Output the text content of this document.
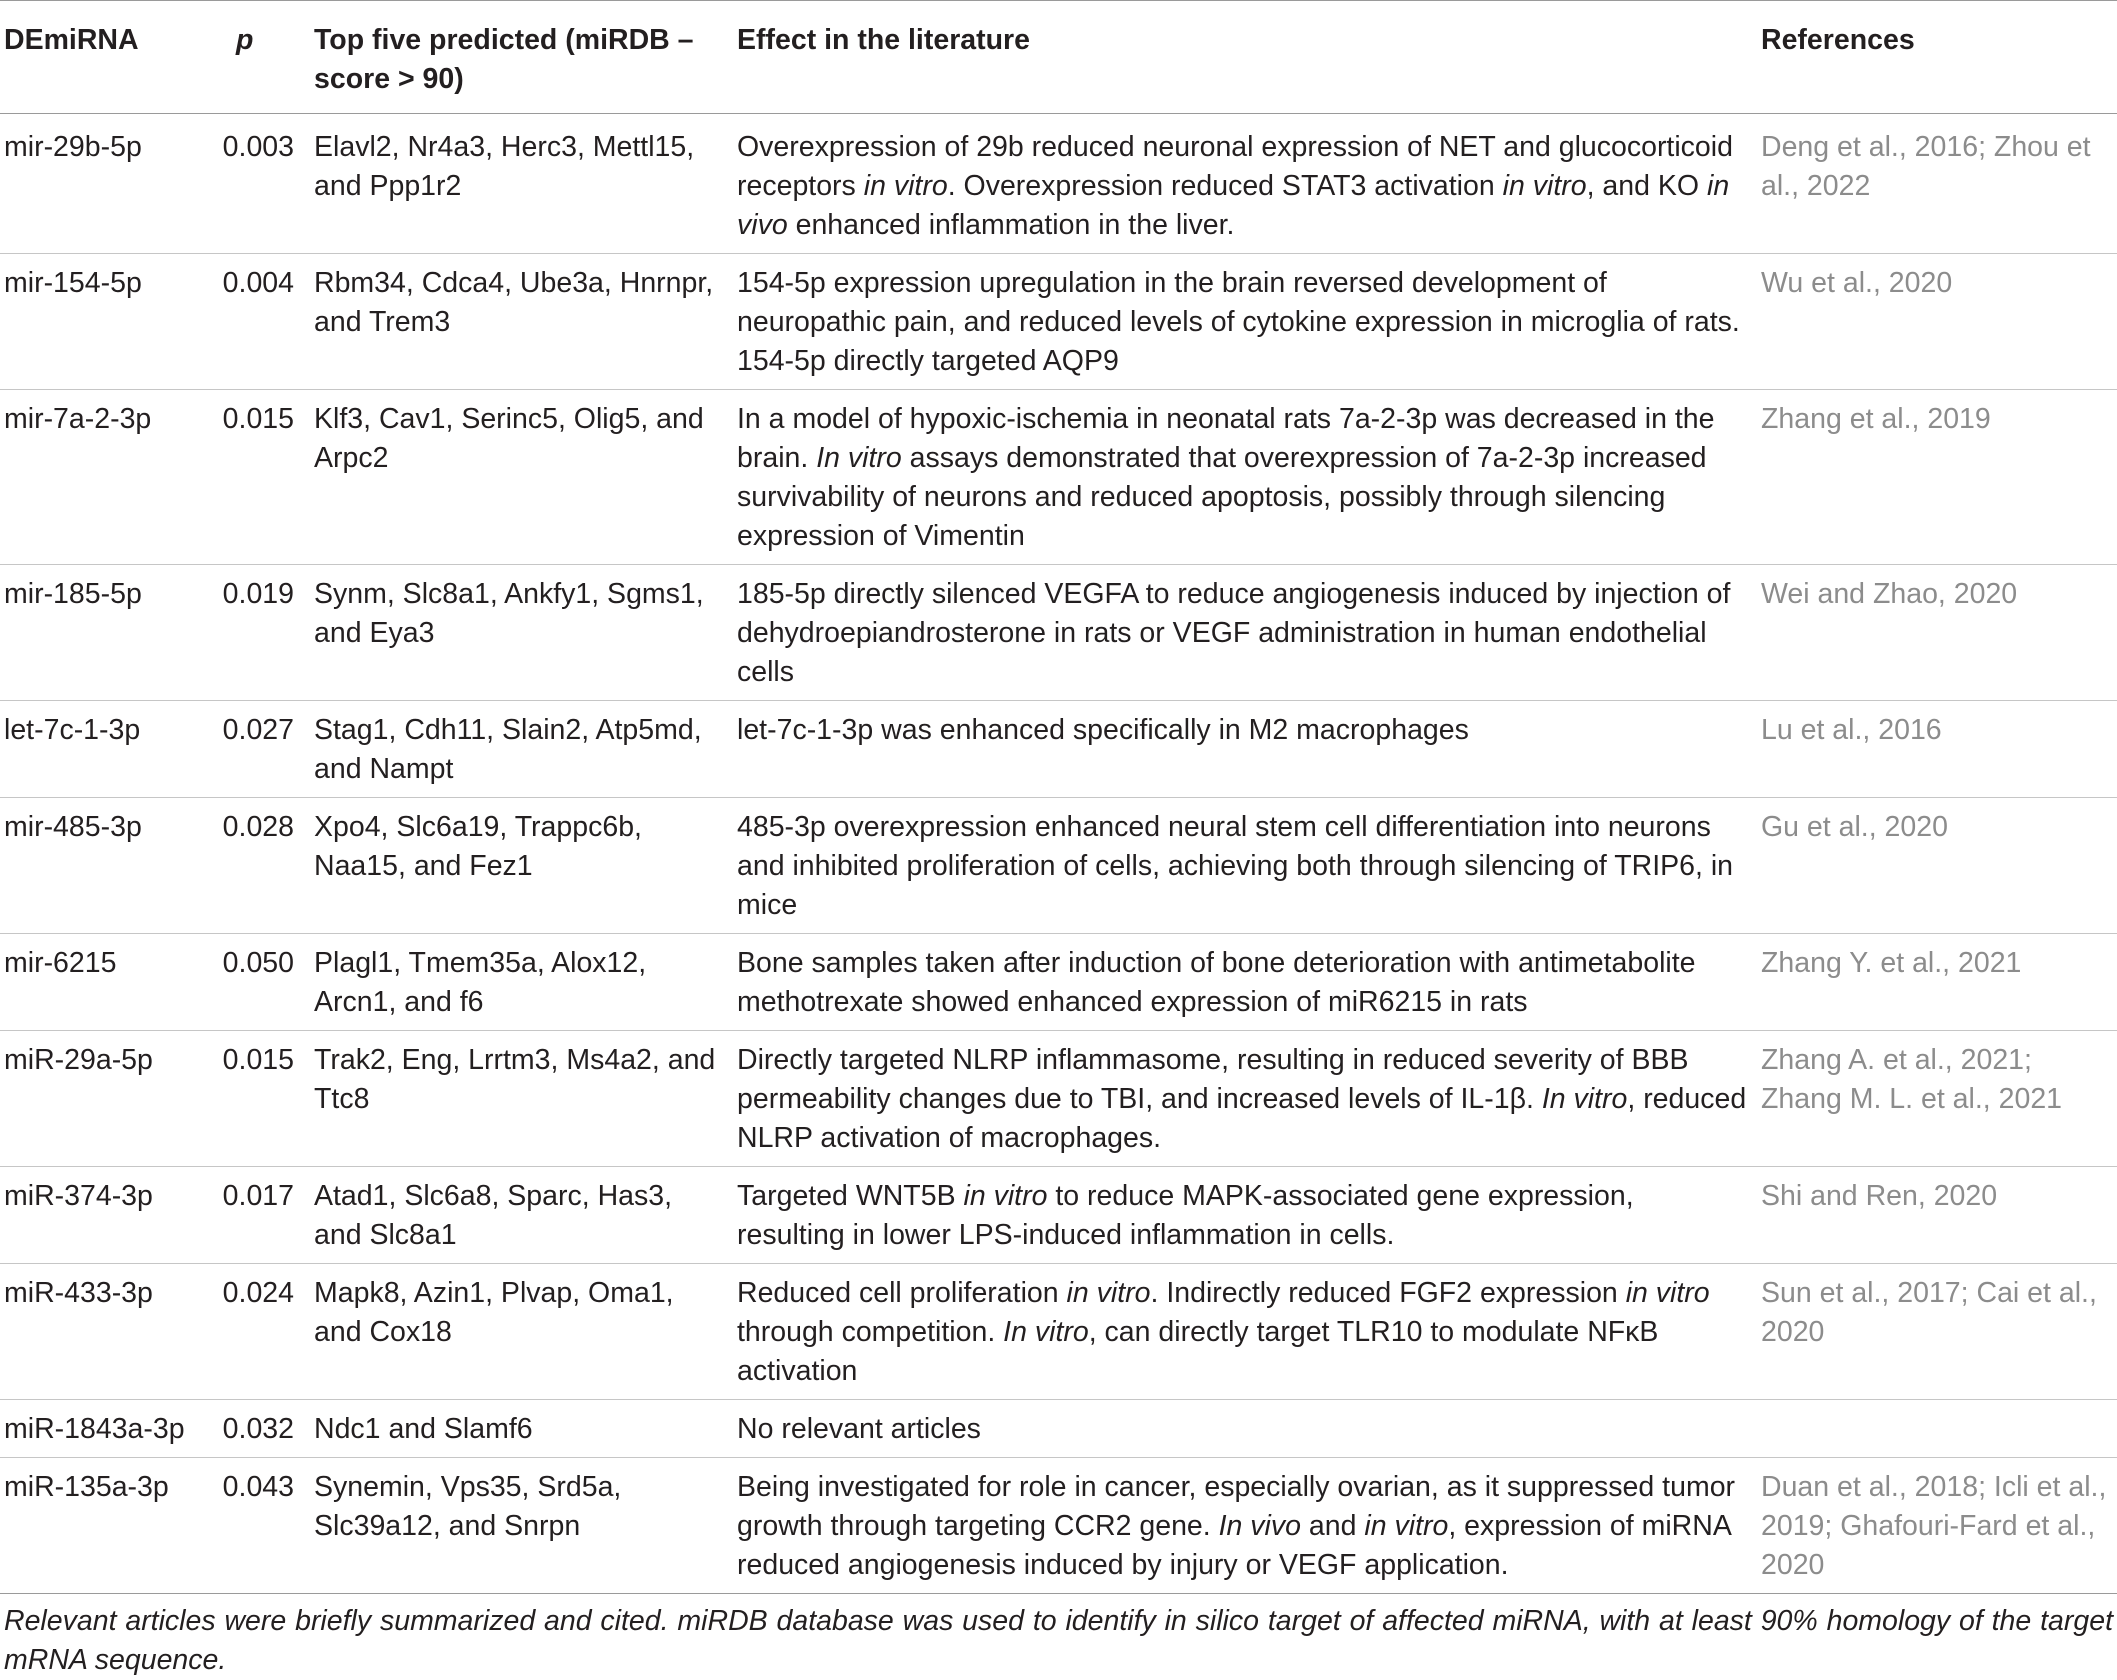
DEmiRNA	p	Top five predicted (miRDB – score > 90)	Effect in the literature	References
mir-29b-5p	0.003	Elavl2, Nr4a3, Herc3, Mettl15, and Ppp1r2	Overexpression of 29b reduced neuronal expression of NET and glucocorticoid receptors in vitro. Overexpression reduced STAT3 activation in vitro, and KO in vivo enhanced inflammation in the liver.	Deng et al., 2016; Zhou et al., 2022
mir-154-5p	0.004	Rbm34, Cdca4, Ube3a, Hnrnpr, and Trem3	154-5p expression upregulation in the brain reversed development of neuropathic pain, and reduced levels of cytokine expression in microglia of rats. 154-5p directly targeted AQP9	Wu et al., 2020
mir-7a-2-3p	0.015	Klf3, Cav1, Serinc5, Olig5, and Arpc2	In a model of hypoxic-ischemia in neonatal rats 7a-2-3p was decreased in the brain. In vitro assays demonstrated that overexpression of 7a-2-3p increased survivability of neurons and reduced apoptosis, possibly through silencing expression of Vimentin	Zhang et al., 2019
mir-185-5p	0.019	Synm, Slc8a1, Ankfy1, Sgms1, and Eya3	185-5p directly silenced VEGFA to reduce angiogenesis induced by injection of dehydroepiandrosterone in rats or VEGF administration in human endothelial cells	Wei and Zhao, 2020
let-7c-1-3p	0.027	Stag1, Cdh11, Slain2, Atp5md, and Nampt	let-7c-1-3p was enhanced specifically in M2 macrophages	Lu et al., 2016
mir-485-3p	0.028	Xpo4, Slc6a19, Trappc6b, Naa15, and Fez1	485-3p overexpression enhanced neural stem cell differentiation into neurons and inhibited proliferation of cells, achieving both through silencing of TRIP6, in mice	Gu et al., 2020
mir-6215	0.050	Plagl1, Tmem35a, Alox12, Arcn1, and f6	Bone samples taken after induction of bone deterioration with antimetabolite methotrexate showed enhanced expression of miR6215 in rats	Zhang Y. et al., 2021
miR-29a-5p	0.015	Trak2, Eng, Lrrtm3, Ms4a2, and Ttc8	Directly targeted NLRP inflammasome, resulting in reduced severity of BBB permeability changes due to TBI, and increased levels of IL-1β. In vitro, reduced NLRP activation of macrophages.	Zhang A. et al., 2021; Zhang M. L. et al., 2021
miR-374-3p	0.017	Atad1, Slc6a8, Sparc, Has3, and Slc8a1	Targeted WNT5B in vitro to reduce MAPK-associated gene expression, resulting in lower LPS-induced inflammation in cells.	Shi and Ren, 2020
miR-433-3p	0.024	Mapk8, Azin1, Plvap, Oma1, and Cox18	Reduced cell proliferation in vitro. Indirectly reduced FGF2 expression in vitro through competition. In vitro, can directly target TLR10 to modulate NFκB activation	Sun et al., 2017; Cai et al., 2020
miR-1843a-3p	0.032	Ndc1 and Slamf6	No relevant articles	
miR-135a-3p	0.043	Synemin, Vps35, Srd5a, Slc39a12, and Snrpn	Being investigated for role in cancer, especially ovarian, as it suppressed tumor growth through targeting CCR2 gene. In vivo and in vitro, expression of miRNA reduced angiogenesis induced by injury or VEGF application.	Duan et al., 2018; Icli et al., 2019; Ghafouri-Fard et al., 2020
Relevant articles were briefly summarized and cited. miRDB database was used to identify in silico target of affected miRNA, with at least 90% homology of the target mRNA sequence.
